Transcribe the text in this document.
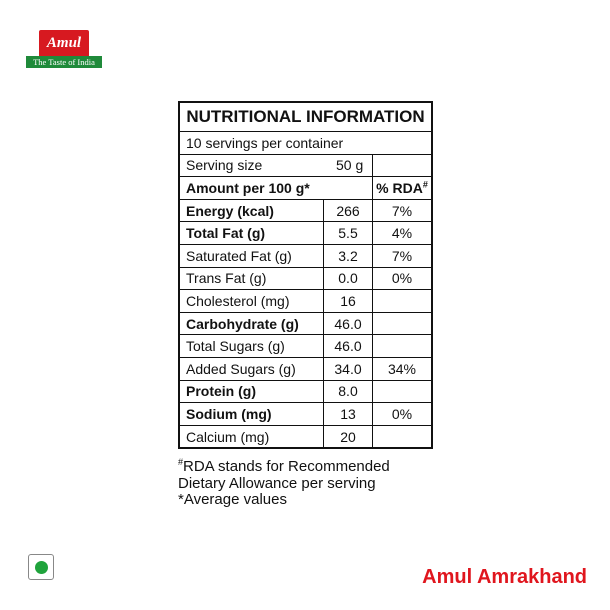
Amul
The Taste of India
NUTRITIONAL INFORMATION		
10 servings per container		
Serving size 50 g		
Amount per 100 g*		% RDA#
Energy (kcal)	266	7%
Total Fat (g)	5.5	4%
Saturated Fat (g)	3.2	7%
Trans Fat (g)	0.0	0%
Cholesterol (mg)	16	
Carbohydrate (g)	46.0	
Total Sugars (g)	46.0	
Added Sugars (g)	34.0	34%
Protein (g)	8.0	
Sodium (mg)	13	0%
Calcium (mg)	20	
#RDA stands for Recommended
Dietary Allowance per serving
*Average values
Amul Amrakhand
